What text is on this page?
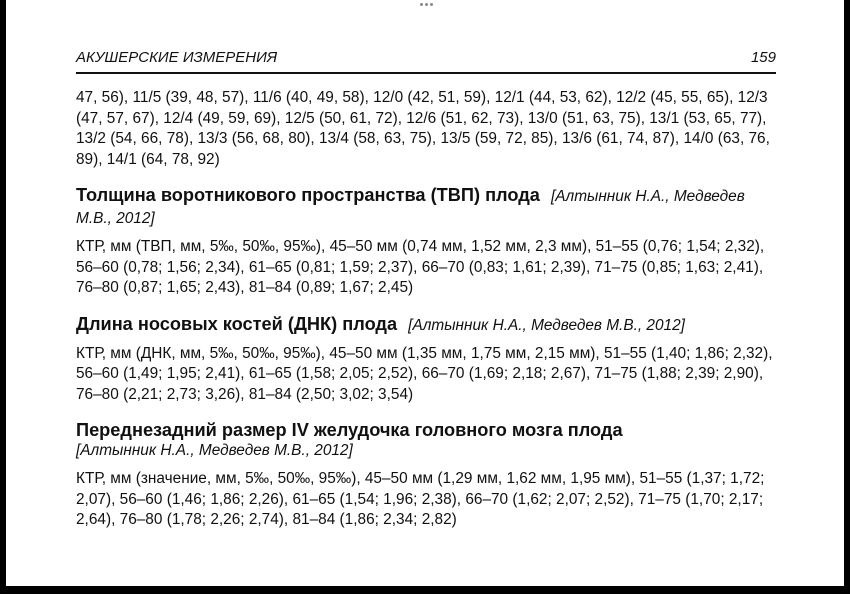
АКУШЕРСКИЕ ИЗМЕРЕНИЯ	159

47, 56), 11/5 (39, 48, 57), 11/6 (40, 49, 58), 12/0 (42, 51, 59), 12/1 (44, 53, 62), 12/2 (45, 55, 65), 12/3 (47, 57, 67), 12/4 (49, 59, 69), 12/5 (50, 61, 72), 12/6 (51, 62, 73), 13/0 (51, 63, 75), 13/1 (53, 65, 77), 13/2 (54, 66, 78), 13/3 (56, 68, 80), 13/4 (58, 63, 75), 13/5 (59, 72, 85), 13/6 (61, 74, 87), 14/0 (63, 76, 89), 14/1 (64, 78, 92)

Толщина воротникового пространства (ТВП) плода [Алтынник Н.А., Медведев М.В., 2012]

КТР, мм (ТВП, мм, 5‰, 50‰, 95‰), 45–50 мм (0,74 мм, 1,52 мм, 2,3 мм), 51–55 (0,76; 1,54; 2,32), 56–60 (0,78; 1,56; 2,34), 61–65 (0,81; 1,59; 2,37), 66–70 (0,83; 1,61; 2,39), 71–75 (0,85; 1,63; 2,41), 76–80 (0,87; 1,65; 2,43), 81–84 (0,89; 1,67; 2,45)

Длина носовых костей (ДНК) плода [Алтынник Н.А., Медведев М.В., 2012]

КТР, мм (ДНК, мм, 5‰, 50‰, 95‰), 45–50 мм (1,35 мм, 1,75 мм, 2,15 мм), 51–55 (1,40; 1,86; 2,32), 56–60 (1,49; 1,95; 2,41), 61–65 (1,58; 2,05; 2,52), 66–70 (1,69; 2,18; 2,67), 71–75 (1,88; 2,39; 2,90), 76–80 (2,21; 2,73; 3,26), 81–84 (2,50; 3,02; 3,54)

Переднезадний размер IV желудочка головного мозга плода
[Алтынник Н.А., Медведев М.В., 2012]

КТР, мм (значение, мм, 5‰, 50‰, 95‰), 45–50 мм (1,29 мм, 1,62 мм, 1,95 мм), 51–55 (1,37; 1,72; 2,07), 56–60 (1,46; 1,86; 2,26), 61–65 (1,54; 1,96; 2,38), 66–70 (1,62; 2,07; 2,52), 71–75 (1,70; 2,17; 2,64), 76–80 (1,78; 2,26; 2,74), 81–84 (1,86; 2,34; 2,82)
